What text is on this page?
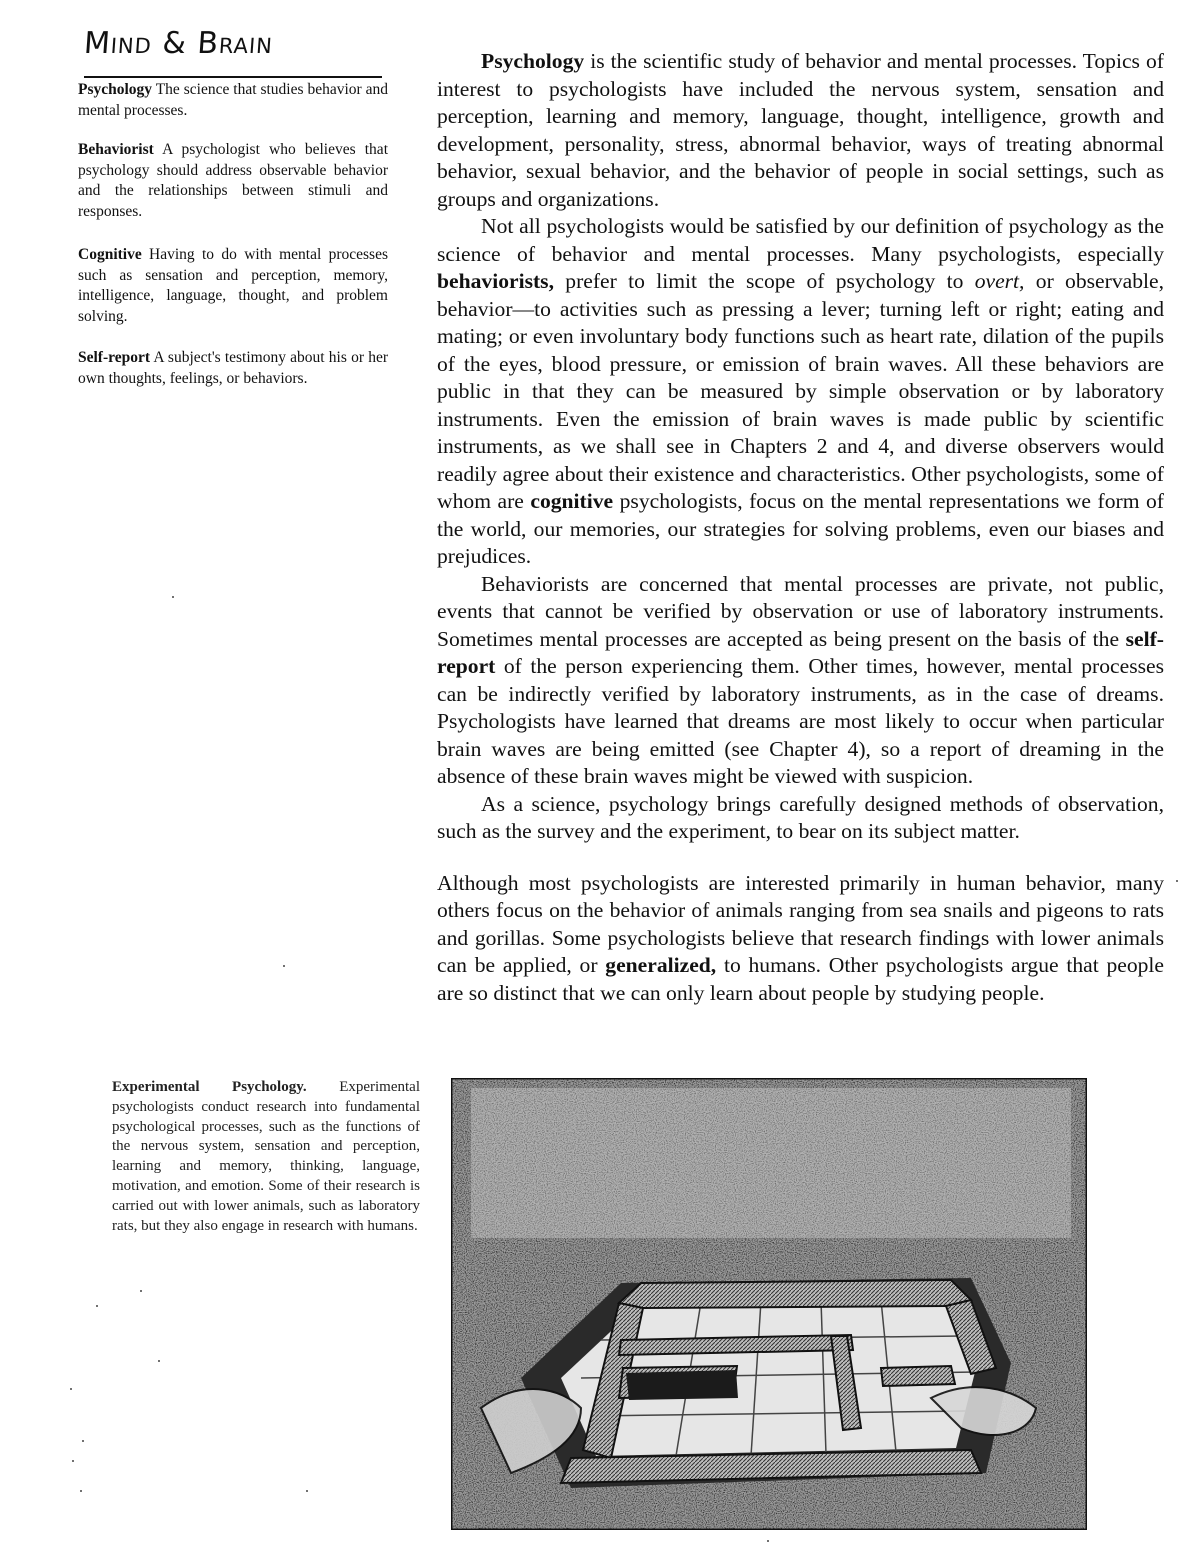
Mind & Brain
Psychology The science that studies behavior and mental processes.
Behaviorist A psychologist who believes that psychology should address observable behavior and the relationships between stimuli and responses.
Cognitive Having to do with mental processes such as sensation and perception, memory, intelligence, language, thought, and problem solving.
Self-report A subject's testimony about his or her own thoughts, feelings, or behaviors.

Psychology is the scientific study of behavior and mental processes. Topics of interest to psychologists have included the nervous system, sensation and perception, learning and memory, language, thought, intelligence, growth and development, personality, stress, abnormal behavior, ways of treating abnormal behavior, sexual behavior, and the behavior of people in social settings, such as groups and organizations.

Not all psychologists would be satisfied by our definition of psychology as the science of behavior and mental processes. Many psychologists, especially behaviorists, prefer to limit the scope of psychology to overt, or observable, behavior—to activities such as pressing a lever; turning left or right; eating and mating; or even involuntary body functions such as heart rate, dilation of the pupils of the eyes, blood pressure, or emission of brain waves. All these behaviors are public in that they can be measured by simple observation or by laboratory instruments. Even the emission of brain waves is made public by scientific instruments, as we shall see in Chapters 2 and 4, and diverse observers would readily agree about their existence and characteristics. Other psychologists, some of whom are cognitive psychologists, focus on the mental representations we form of the world, our memories, our strategies for solving problems, even our biases and prejudices.

Behaviorists are concerned that mental processes are private, not public, events that cannot be verified by observation or use of laboratory instruments. Sometimes mental processes are accepted as being present on the basis of the self-report of the person experiencing them. Other times, however, mental processes can be indirectly verified by laboratory instruments, as in the case of dreams. Psychologists have learned that dreams are most likely to occur when particular brain waves are being emitted (see Chapter 4), so a report of dreaming in the absence of these brain waves might be viewed with suspicion.

As a science, psychology brings carefully designed methods of observation, such as the survey and the experiment, to bear on its subject matter.

Although most psychologists are interested primarily in human behavior, many others focus on the behavior of animals ranging from sea snails and pigeons to rats and gorillas. Some psychologists believe that research findings with lower animals can be applied, or generalized, to humans. Other psychologists argue that people are so distinct that we can only learn about people by studying people.

Experimental Psychology. Experimental psychologists conduct research into fundamental psychological processes, such as the functions of the nervous system, sensation and perception, learning and memory, thinking, language, motivation, and emotion. Some of their research is carried out with lower animals, such as laboratory rats, but they also engage in research with humans.
